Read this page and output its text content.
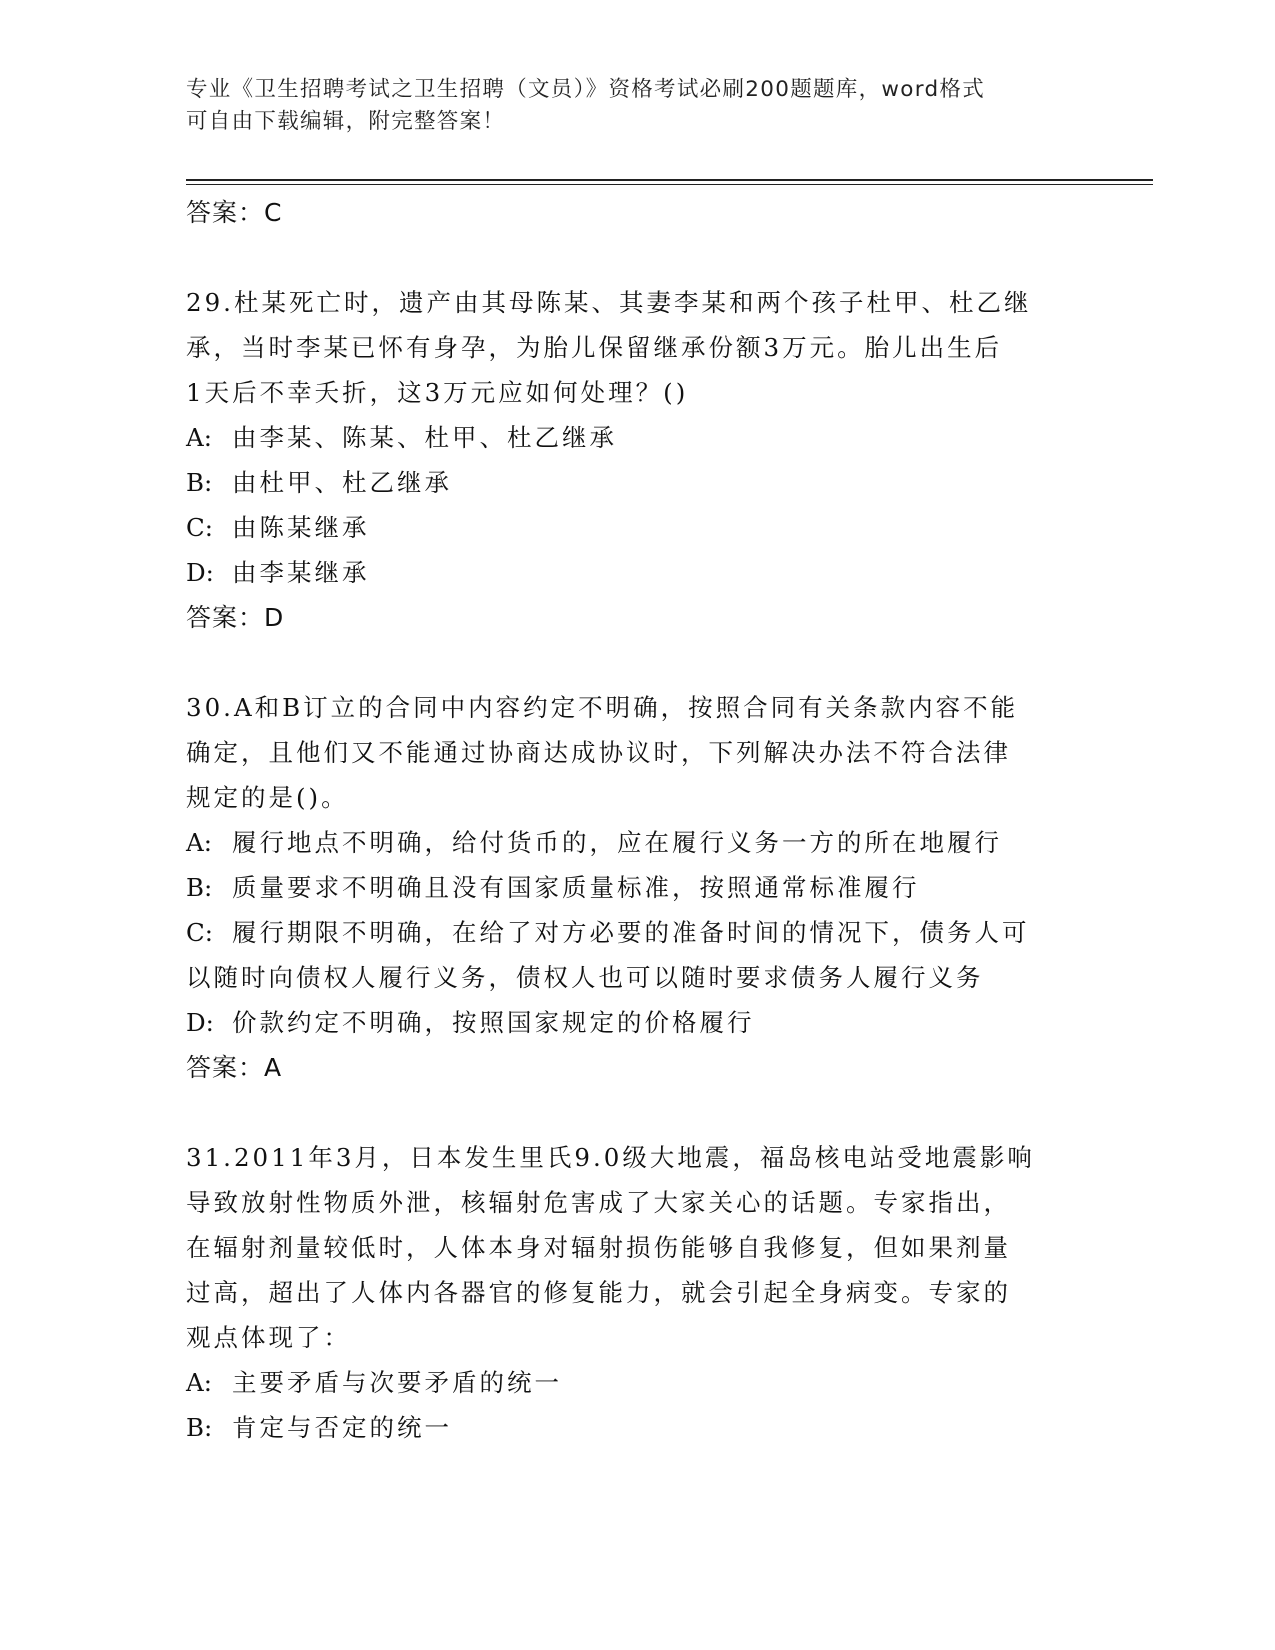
专业《卫生招聘考试之卫生招聘（文员）》资格考试必刷200题题库，word格式
可自由下载编辑，附完整答案！
答案：C
29.杜某死亡时，遗产由其母陈某、其妻李某和两个孩子杜甲、杜乙继
承，当时李某已怀有身孕，为胎儿保留继承份额3万元。胎儿出生后
1天后不幸夭折，这3万元应如何处理？()
A: 由李某、陈某、杜甲、杜乙继承
B: 由杜甲、杜乙继承
C: 由陈某继承
D: 由李某继承
答案：D
30.A和B订立的合同中内容约定不明确，按照合同有关条款内容不能
确定，且他们又不能通过协商达成协议时，下列解决办法不符合法律
规定的是()。
A: 履行地点不明确，给付货币的，应在履行义务一方的所在地履行
B: 质量要求不明确且没有国家质量标准，按照通常标准履行
C: 履行期限不明确，在给了对方必要的准备时间的情况下，债务人可
以随时向债权人履行义务，债权人也可以随时要求债务人履行义务
D: 价款约定不明确，按照国家规定的价格履行
答案：A
31.2011年3月，日本发生里氏9.0级大地震，福岛核电站受地震影响
导致放射性物质外泄，核辐射危害成了大家关心的话题。专家指出，
在辐射剂量较低时，人体本身对辐射损伤能够自我修复，但如果剂量
过高，超出了人体内各器官的修复能力，就会引起全身病变。专家的
观点体现了：
A: 主要矛盾与次要矛盾的统一
B: 肯定与否定的统一
